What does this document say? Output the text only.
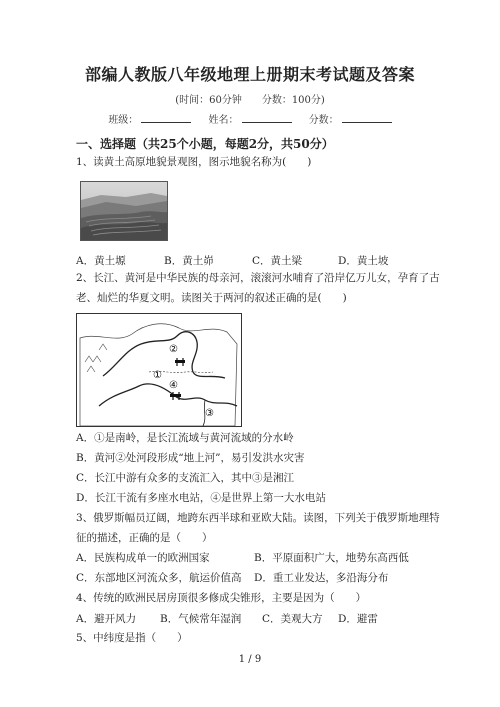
部编人教版八年级地理上册期末考试题及答案
(时间：60分钟　　分数：100分)
班级：	姓名：	分数：
一、选择题（共25个小题，每题2分，共50分）
1、读黄土高原地貌景观图，图示地貌名称为(　　)
A．黄土塬	B．黄土峁	C．黄土梁	D．黄土坡
2、长江、黄河是中华民族的母亲河，滚滚河水哺育了沿岸亿万儿女，孕育了古
老、灿烂的华夏文明。读图关于两河的叙述正确的是(　　)
②
①
③
④
A．①是南岭，是长江流域与黄河流域的分水岭
B．黄河②处河段形成“地上河”，易引发洪水灾害
C．长江中游有众多的支流汇入，其中③是湘江
D．长江干流有多座水电站，④是世界上第一大水电站
3、俄罗斯幅员辽阔，地跨东西半球和亚欧大陆。读图，下列关于俄罗斯地理特
征的描述，正确的是（　　）
A．民族构成单一的欧洲国家	B．平原面积广大，地势东高西低
C．东部地区河流众多，航运价值高 D．重工业发达，多沿海分布
4、传统的欧洲民居房顶很多修成尖锥形，主要是因为（　　）
A．避开风力 B．气候常年湿润 C．美观大方 D．避雷
5、中纬度是指（　　）
1 / 9
